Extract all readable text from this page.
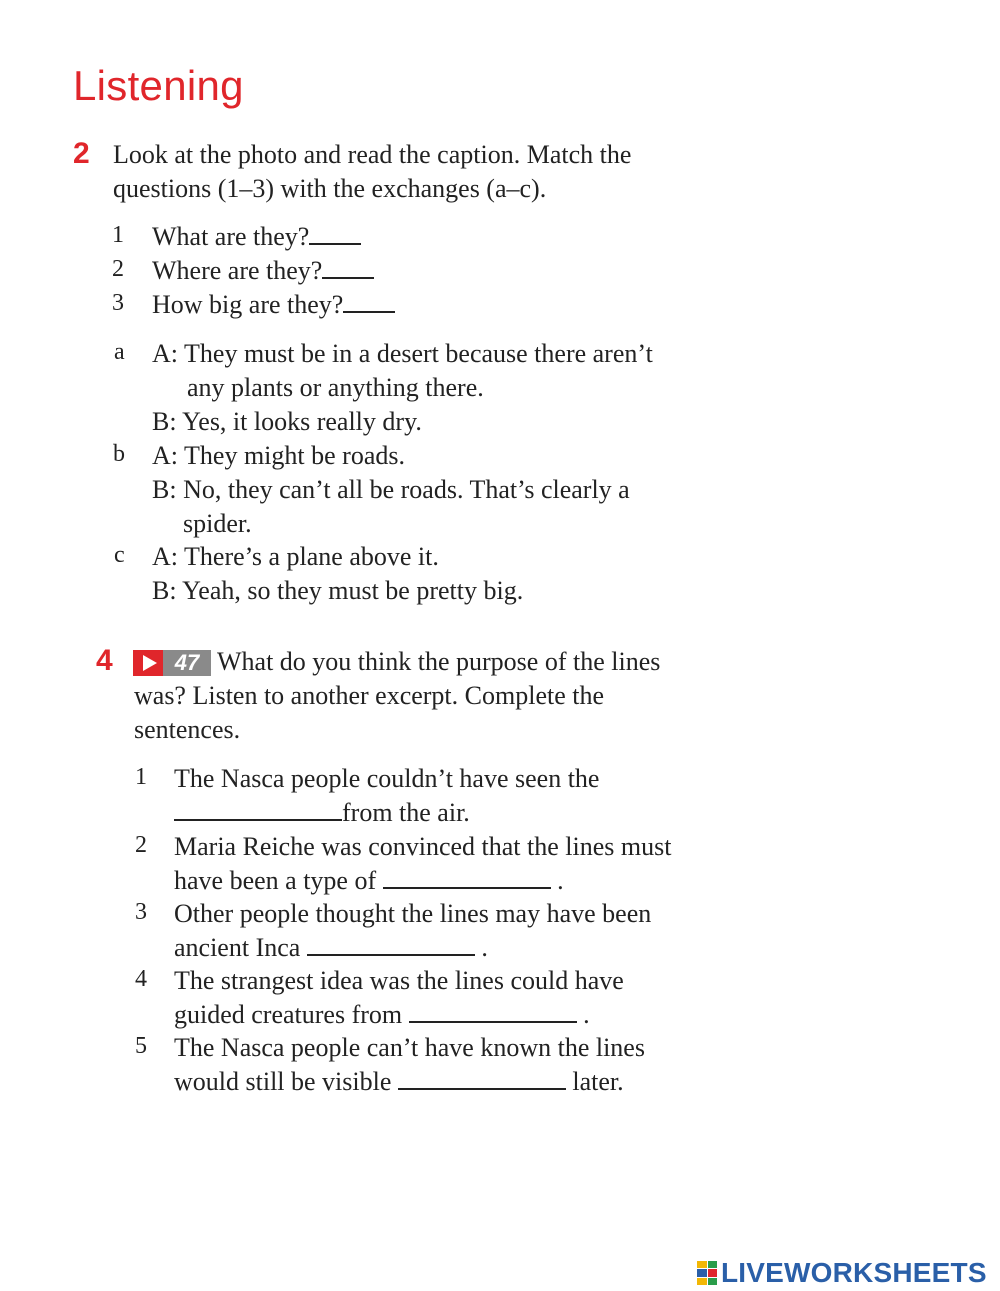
Listening
2 Look at the photo and read the caption. Match the
questions (1–3) with the exchanges (a–c).
1 What are they?
2 Where are they?
3 How big are they?
a A: They must be in a desert because there aren’t
any plants or anything there.
B: Yes, it looks really dry.
b A: They might be roads.
B: No, they can’t all be roads. That’s clearly a
spider.
c A: There’s a plane above it.
B: Yeah, so they must be pretty big.
4	47 What do you think the purpose of the lines
was? Listen to another excerpt. Complete the
sentences.
1 The Nasca people couldn’t have seen the
from the air.
2 Maria Reiche was convinced that the lines must
have been a type of	.
3 Other people thought the lines may have been
ancient Inca	.
4 The strangest idea was the lines could have
guided creatures from	.
5 The Nasca people can’t have known the lines
would still be visible	later.
LIVEWORKSHEETS
